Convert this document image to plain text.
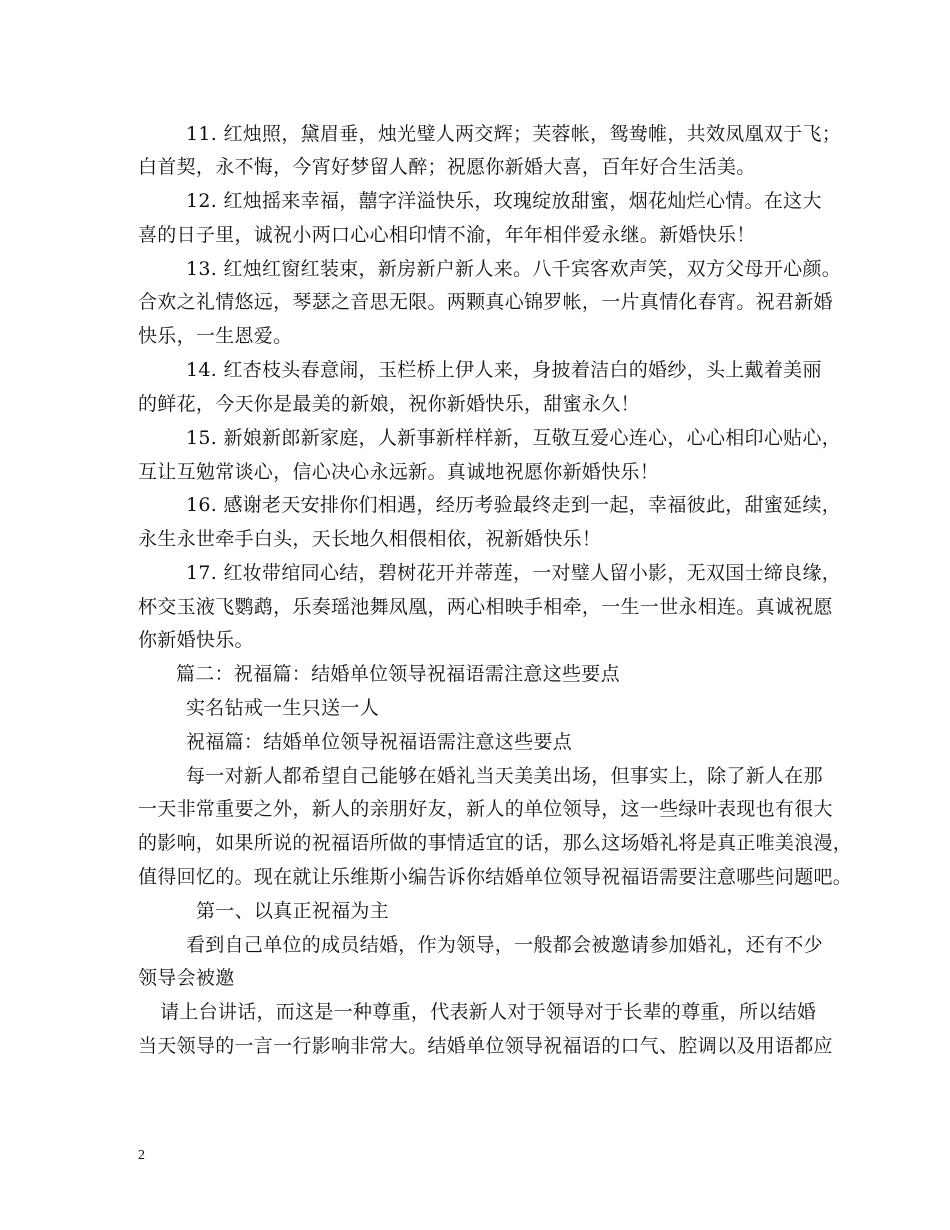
11. 红烛照，黛眉垂，烛光璧人两交辉；芙蓉帐，鸳鸯帷，共效凤凰双于飞；
白首契，永不悔，今宵好梦留人醉；祝愿你新婚大喜，百年好合生活美。
12. 红烛摇来幸福，囍字洋溢快乐，玫瑰绽放甜蜜，烟花灿烂心情。在这大
喜的日子里，诚祝小两口心心相印情不渝，年年相伴爱永继。新婚快乐！
13. 红烛红窗红装束，新房新户新人来。八千宾客欢声笑，双方父母开心颜。
合欢之礼情悠远，琴瑟之音思无限。两颗真心锦罗帐，一片真情化春宵。祝君新婚
快乐，一生恩爱。
14. 红杏枝头春意闹，玉栏桥上伊人来，身披着洁白的婚纱，头上戴着美丽
的鲜花，今天你是最美的新娘，祝你新婚快乐，甜蜜永久！
15. 新娘新郎新家庭，人新事新样样新，互敬互爱心连心，心心相印心贴心，
互让互勉常谈心，信心决心永远新。真诚地祝愿你新婚快乐！
16. 感谢老天安排你们相遇，经历考验最终走到一起，幸福彼此，甜蜜延续，
永生永世牵手白头，天长地久相偎相依，祝新婚快乐！
17. 红妆带绾同心结，碧树花开并蒂莲，一对璧人留小影，无双国士缔良缘，
杯交玉液飞鹦鹉，乐奏瑶池舞凤凰，两心相映手相牵，一生一世永相连。真诚祝愿
你新婚快乐。
篇二：祝福篇：结婚单位领导祝福语需注意这些要点
实名钻戒一生只送一人
祝福篇：结婚单位领导祝福语需注意这些要点
每一对新人都希望自己能够在婚礼当天美美出场，但事实上，除了新人在那
一天非常重要之外，新人的亲朋好友，新人的单位领导，这一些绿叶表现也有很大
的影响，如果所说的祝福语所做的事情适宜的话，那么这场婚礼将是真正唯美浪漫，
值得回忆的。现在就让乐维斯小编告诉你结婚单位领导祝福语需要注意哪些问题吧。
第一、以真正祝福为主
看到自己单位的成员结婚，作为领导，一般都会被邀请参加婚礼，还有不少
领导会被邀
请上台讲话，而这是一种尊重，代表新人对于领导对于长辈的尊重，所以结婚
当天领导的一言一行影响非常大。结婚单位领导祝福语的口气、腔调以及用语都应
2
